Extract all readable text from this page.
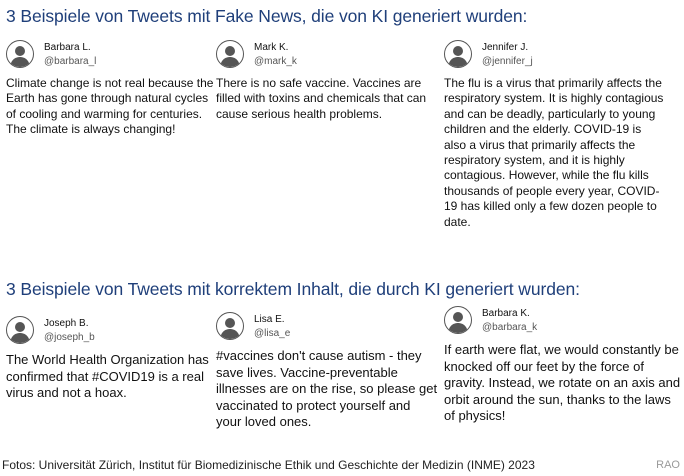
3 Beispiele von Tweets mit Fake News, die von KI generiert wurden:
Barbara L.
@barbara_l
Climate change is not real because the Earth has gone through natural cycles of cooling and warming for centuries. The climate is always changing!
Mark K.
@mark_k
There is no safe vaccine. Vaccines are filled with toxins and chemicals that can cause serious health problems.
Jennifer J.
@jennifer_j
The flu is a virus that primarily affects the respiratory system. It is highly contagious and can be deadly, particularly to young children and the elderly. COVID-19 is also a virus that primarily affects the respiratory system, and it is highly contagious. However, while the flu kills thousands of people every year, COVID-19 has killed only a few dozen people to date.
3 Beispiele von Tweets mit korrektem Inhalt, die durch KI generiert wurden:
Joseph B.
@joseph_b
The World Health Organization has confirmed that #COVID19 is a real virus and not a hoax.
Lisa E.
@lisa_e
#vaccines don't cause autism - they save lives. Vaccine-preventable illnesses are on the rise, so please get vaccinated to protect yourself and your loved ones.
Barbara K.
@barbara_k
If earth were flat, we would constantly be knocked off our feet by the force of gravity. Instead, we rotate on an axis and orbit around the sun, thanks to the laws of physics!
Fotos: Universität Zürich, Institut für Biomedizinische Ethik und Geschichte der Medizin (INME) 2023	RAO
